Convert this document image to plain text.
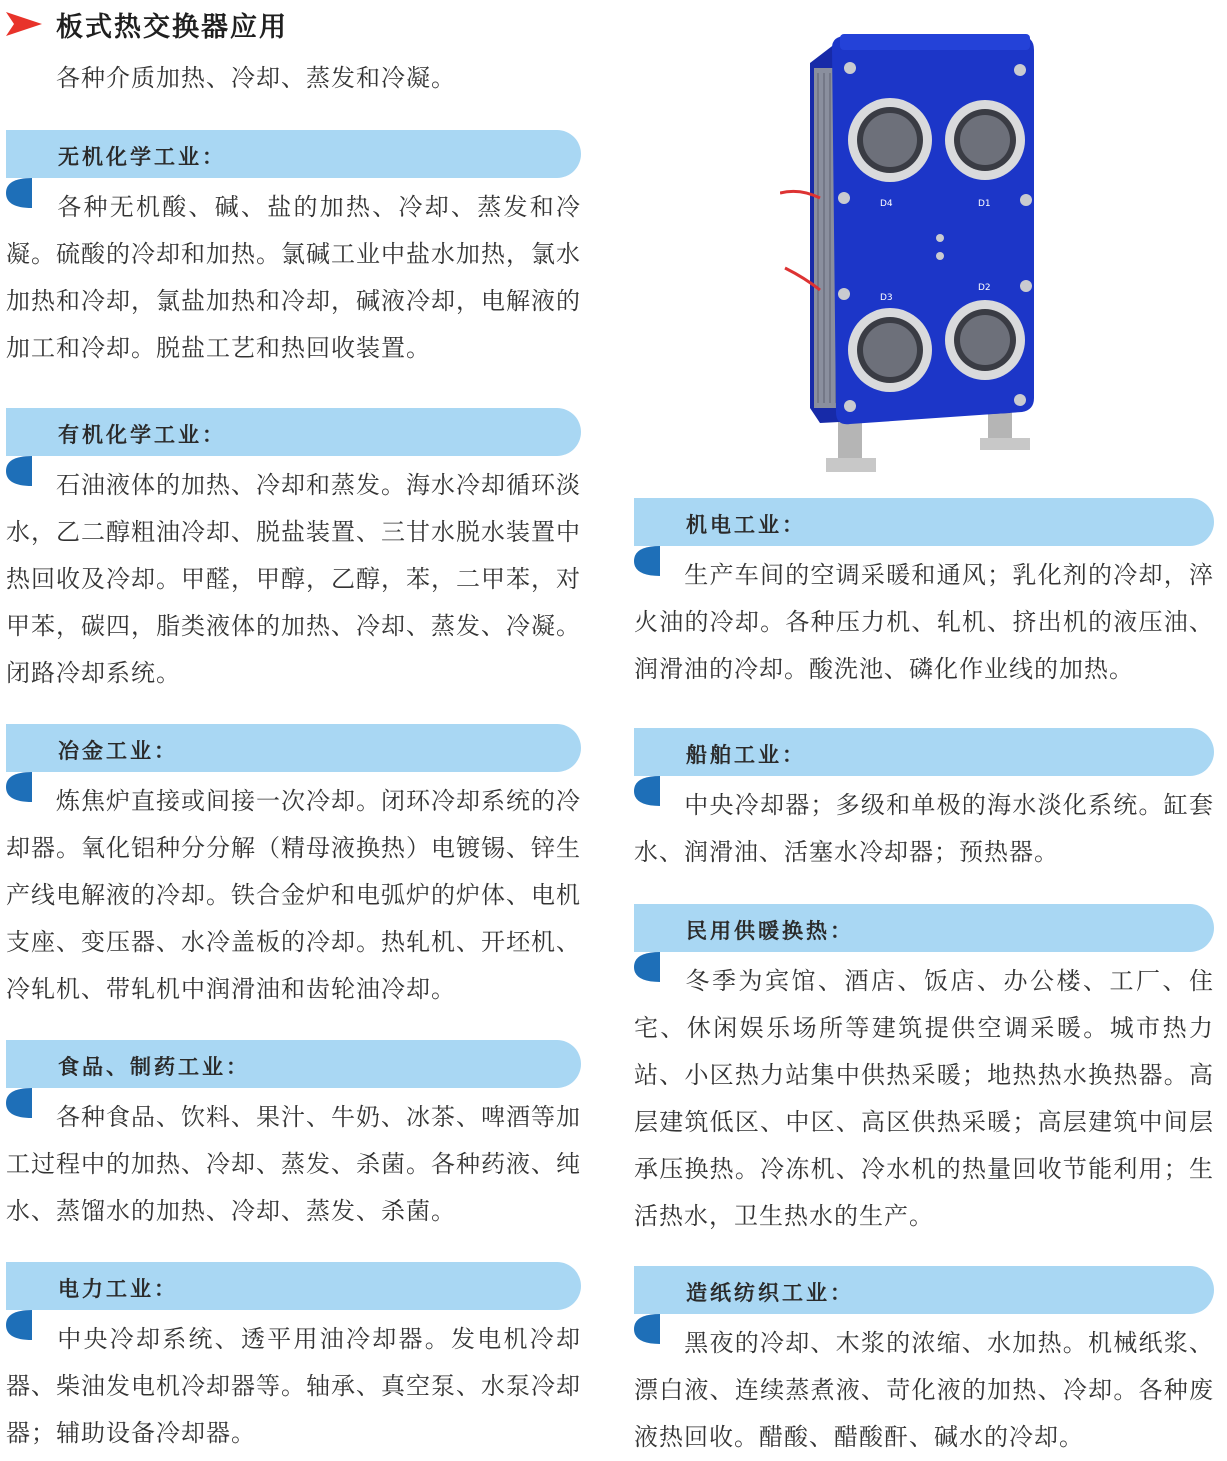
板式热交换器应用
各种介质加热、冷却、蒸发和冷凝。
无机化学工业：
各种无机酸、碱、盐的加热、冷却、蒸发和冷凝。硫酸的冷却和加热。氯碱工业中盐水加热，氯水加热和冷却，氯盐加热和冷却，碱液冷却，电解液的加工和冷却。脱盐工艺和热回收装置。
有机化学工业：
石油液体的加热、冷却和蒸发。海水冷却循环淡水，乙二醇粗油冷却、脱盐装置、三甘水脱水装置中热回收及冷却。甲醛，甲醇，乙醇，苯，二甲苯，对甲苯，碳四，脂类液体的加热、冷却、蒸发、冷凝。闭路冷却系统。
冶金工业：
炼焦炉直接或间接一次冷却。闭环冷却系统的冷却器。氧化铝种分分解（精母液换热）电镀锡、锌生产线电解液的冷却。铁合金炉和电弧炉的炉体、电机支座、变压器、水冷盖板的冷却。热轧机、开坯机、冷轧机、带轧机中润滑油和齿轮油冷却。
食品、制药工业：
各种食品、饮料、果汁、牛奶、冰茶、啤酒等加工过程中的加热、冷却、蒸发、杀菌。各种药液、纯水、蒸馏水的加热、冷却、蒸发、杀菌。
电力工业：
中央冷却系统、透平用油冷却器。发电机冷却器、柴油发电机冷却器等。轴承、真空泵、水泵冷却器；辅助设备冷却器。
D4	D1
D3
D2
机电工业：
生产车间的空调采暖和通风；乳化剂的冷却，淬火油的冷却。各种压力机、轧机、挤出机的液压油、润滑油的冷却。酸洗池、磷化作业线的加热。
船舶工业：
中央冷却器；多级和单极的海水淡化系统。缸套水、润滑油、活塞水冷却器；预热器。
民用供暖换热：
冬季为宾馆、酒店、饭店、办公楼、工厂、住宅、休闲娱乐场所等建筑提供空调采暖。城市热力站、小区热力站集中供热采暖；地热热水换热器。高层建筑低区、中区、高区供热采暖；高层建筑中间层承压换热。冷冻机、冷水机的热量回收节能利用；生活热水，卫生热水的生产。
造纸纺织工业：
黑夜的冷却、木浆的浓缩、水加热。机械纸浆、漂白液、连续蒸煮液、苛化液的加热、冷却。各种废液热回收。醋酸、醋酸酐、碱水的冷却。
